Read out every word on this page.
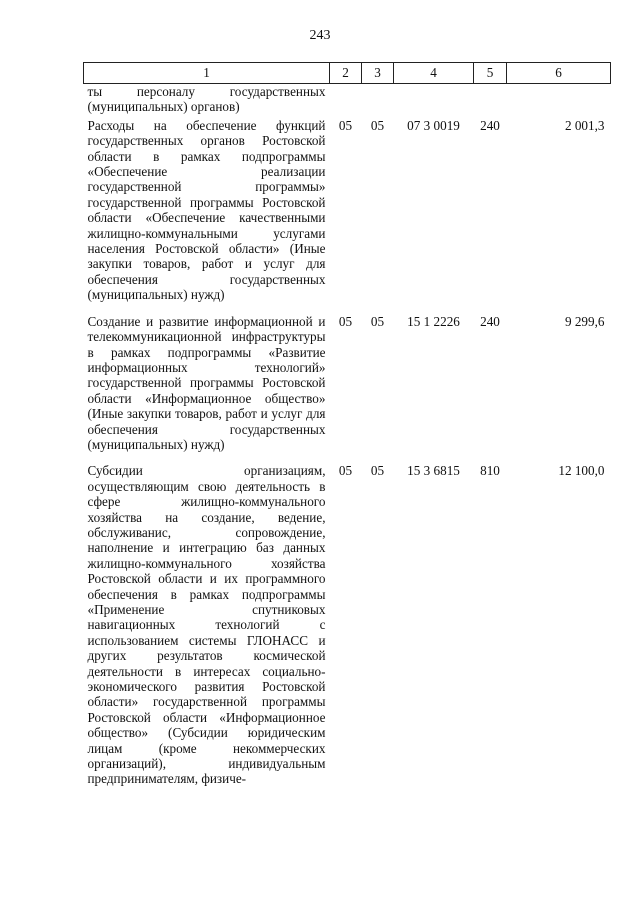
243
1	2	3	4	5	6
ты персоналу государственных (муниципальных) органов)					
Расходы на обеспечение функций государственных органов Ростовской области в рамках подпрограммы «Обеспечение реализации государственной программы» государственной программы Ростовской области «Обеспечение качественными жилищно-коммунальными услугами населения Ростовской области» (Иные закупки товаров, работ и услуг для обеспечения государственных (муниципальных) нужд)	05	05	07 3 0019	240	2 001,3
Создание и развитие информационной и телекоммуникационной инфраструктуры в рамках подпрограммы «Развитие информационных технологий» государственной программы Ростовской области «Информационное общество» (Иные закупки товаров, работ и услуг для обеспечения государственных (муниципальных) нужд)	05	05	15 1 2226	240	9 299,6
Субсидии организациям, осуществляющим свою деятельность в сфере жилищно-коммунального хозяйства на создание, ведение, обслуживанис, сопровождение, наполнение и интеграцию баз данных жилищно-коммунального хозяйства Ростовской области и их программного обеспечения в рамках подпрограммы «Применение спутниковых навигационных технологий с использованием системы ГЛОНАСС и других результатов космической деятельности в интересах социально-экономического развития Ростовской области» государственной программы Ростовской области «Информационное общество» (Субсидии юридическим лицам (кроме некоммерческих организаций), индивидуальным предпринимателям, физиче-	05	05	15 3 6815	810	12 100,0
